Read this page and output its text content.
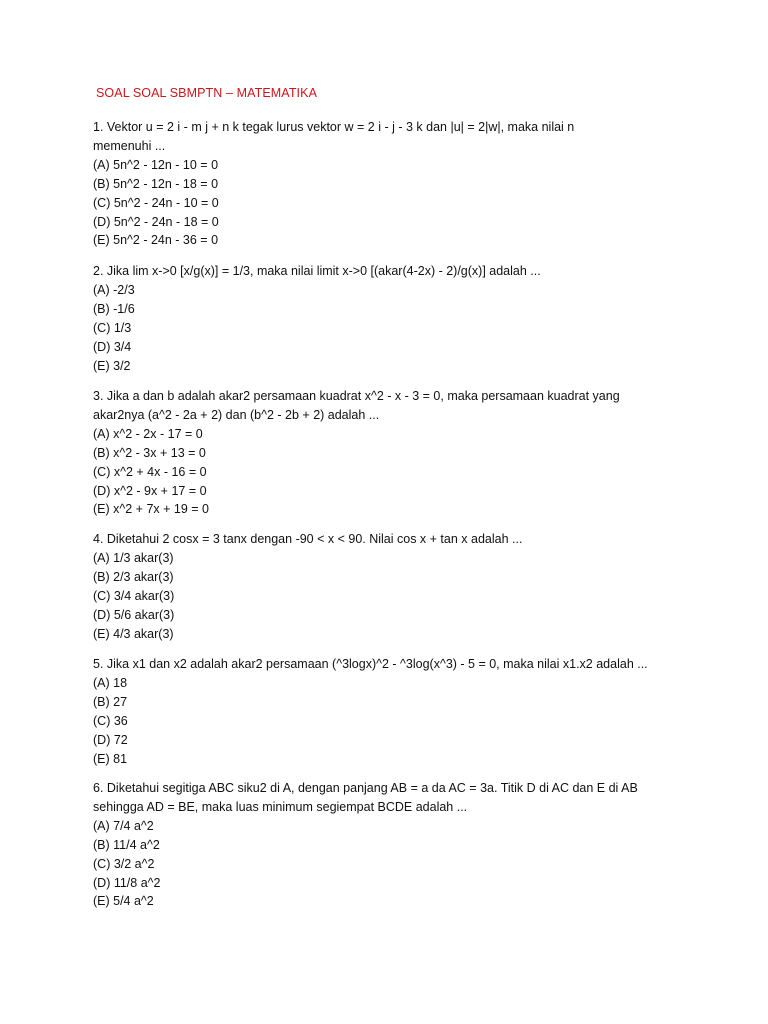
SOAL SOAL SBMPTN – MATEMATIKA

1. Vektor u = 2 i - m j + n k tegak lurus vektor w = 2 i - j - 3 k dan |u| = 2|w|, maka nilai n

memenuhi ...

(A) 5n^2 - 12n - 10 = 0

(B) 5n^2 - 12n - 18 = 0

(C) 5n^2 - 24n - 10 = 0

(D) 5n^2 - 24n - 18 = 0

(E) 5n^2 - 24n - 36 = 0

2. Jika lim x->0 [x/g(x)] = 1/3, maka nilai limit x->0 [(akar(4-2x) - 2)/g(x)] adalah ...

(A) -2/3

(B) -1/6

(C) 1/3

(D) 3/4

(E) 3/2

3. Jika a dan b adalah akar2 persamaan kuadrat x^2 - x - 3 = 0, maka persamaan kuadrat yang

akar2nya (a^2 - 2a + 2) dan (b^2 - 2b + 2) adalah ...

(A) x^2 - 2x - 17 = 0

(B) x^2 - 3x + 13 = 0

(C) x^2 + 4x - 16 = 0

(D) x^2 - 9x + 17 = 0

(E) x^2 + 7x + 19 = 0

4. Diketahui 2 cosx = 3 tanx dengan -90 < x < 90. Nilai cos x + tan x adalah ...

(A) 1/3 akar(3)

(B) 2/3 akar(3)

(C) 3/4 akar(3)

(D) 5/6 akar(3)

(E) 4/3 akar(3)

5. Jika x1 dan x2 adalah akar2 persamaan (^3logx)^2 - ^3log(x^3) - 5 = 0, maka nilai x1.x2 adalah ...

(A) 18

(B) 27

(C) 36

(D) 72

(E) 81

6. Diketahui segitiga ABC siku2 di A, dengan panjang AB = a da AC = 3a. Titik D di AC dan E di AB

sehingga AD = BE, maka luas minimum segiempat BCDE adalah ...

(A) 7/4 a^2

(B) 11/4 a^2

(C) 3/2 a^2

(D) 11/8 a^2

(E) 5/4 a^2
